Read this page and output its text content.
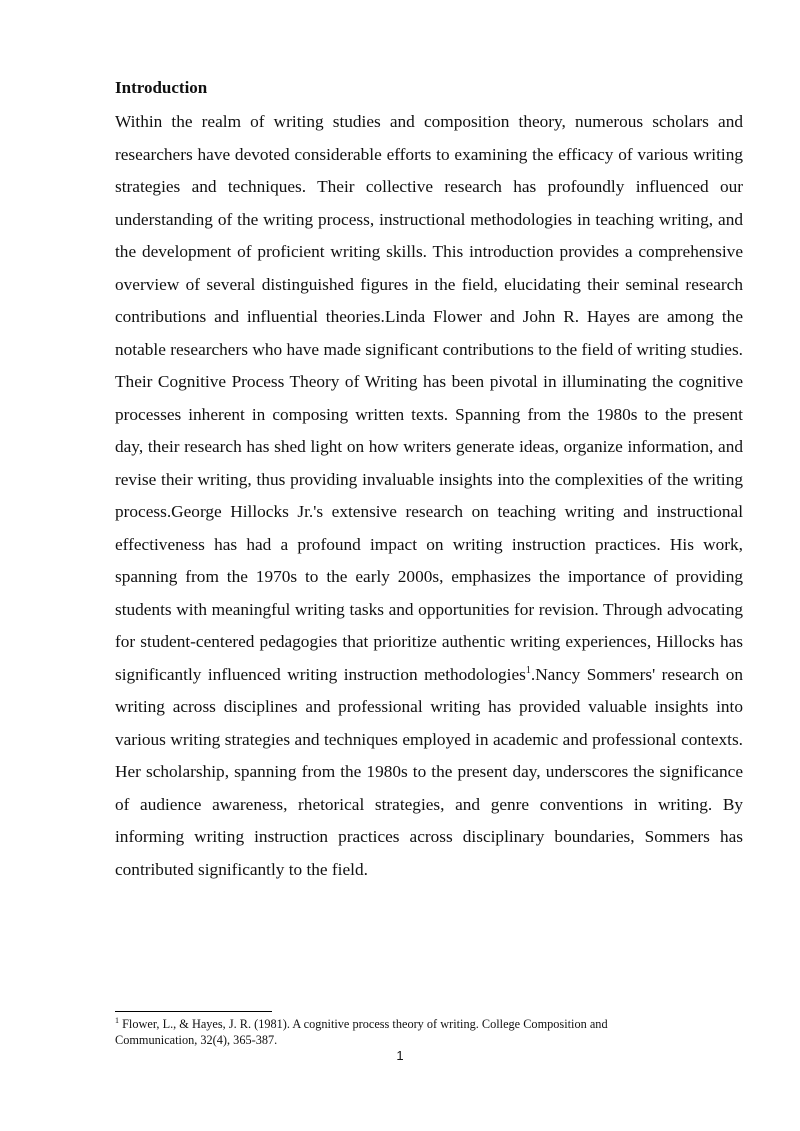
Introduction

Within the realm of writing studies and composition theory, numerous scholars and researchers have devoted considerable efforts to examining the efficacy of various writing strategies and techniques. Their collective research has profoundly influenced our understanding of the writing process, instructional methodologies in teaching writing, and the development of proficient writing skills. This introduction provides a comprehensive overview of several distinguished figures in the field, elucidating their seminal research contributions and influential theories.Linda Flower and John R. Hayes are among the notable researchers who have made significant contributions to the field of writing studies. Their Cognitive Process Theory of Writing has been pivotal in illuminating the cognitive processes inherent in composing written texts. Spanning from the 1980s to the present day, their research has shed light on how writers generate ideas, organize information, and revise their writing, thus providing invaluable insights into the complexities of the writing process.George Hillocks Jr.'s extensive research on teaching writing and instructional effectiveness has had a profound impact on writing instruction practices. His work, spanning from the 1970s to the early 2000s, emphasizes the importance of providing students with meaningful writing tasks and opportunities for revision. Through advocating for student-centered pedagogies that prioritize authentic writing experiences, Hillocks has significantly influenced writing instruction methodologies$^1$.Nancy Sommers' research on writing across disciplines and professional writing has provided valuable insights into various writing strategies and techniques employed in academic and professional contexts. Her scholarship, spanning from the 1980s to the present day, underscores the significance of audience awareness, rhetorical strategies, and genre conventions in writing. By informing writing instruction practices across disciplinary boundaries, Sommers has contributed significantly to the field.

$^1$ Flower, L., & Hayes, J. R. (1981). A cognitive process theory of writing. College Composition and Communication, 32(4), 365-387.

1
